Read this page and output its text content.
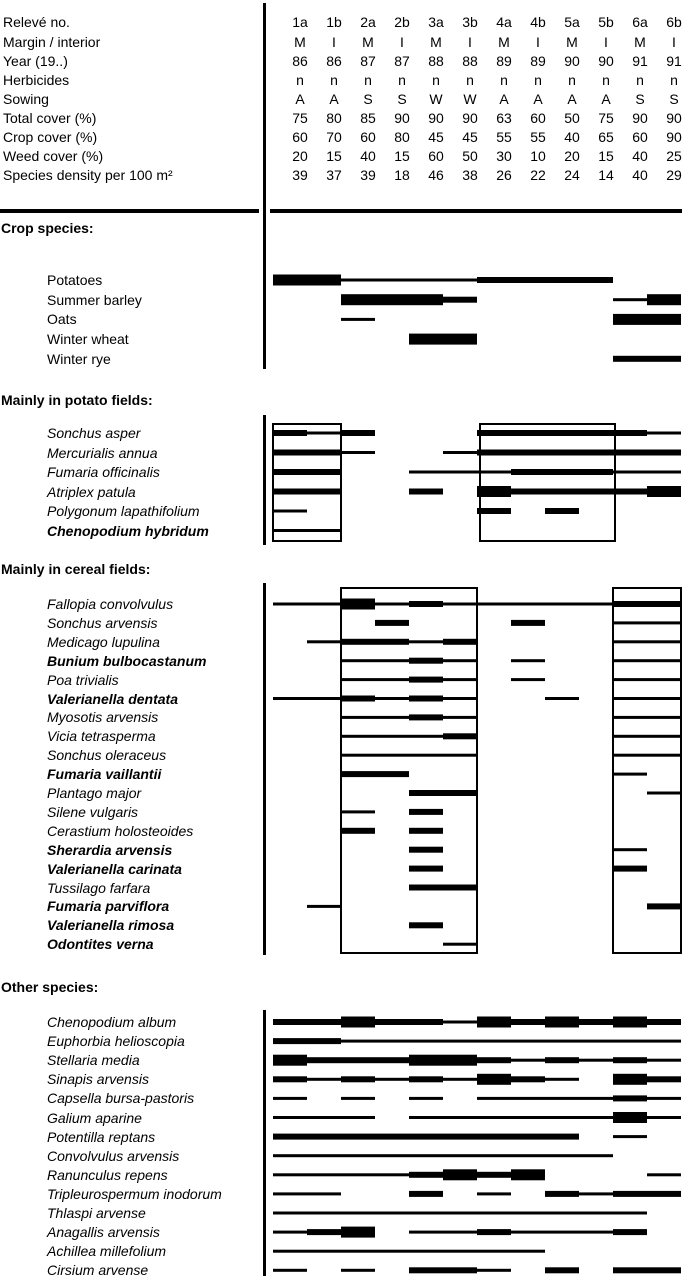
Relevé no.
Margin / interior
Year (19..)
Herbicides
Sowing
Total cover (%)
Crop cover (%)
Weed cover (%)
Species density per 100 m²
1a
M
86
n
A
75
60
20
39
1b
I
86
n
A
80
70
15
37
2a
M
87
n
S
85
60
40
39
2b
I
87
n
S
90
80
15
18
3a
M
88
n
W
90
45
60
46
3b
I
88
n
W
90
45
50
38
4a
M
89
n
A
63
55
30
26
4b
I
89
n
A
60
55
10
22
5a
M
90
n
A
50
40
20
24
5b
I
90
n
A
75
65
15
14
6a
M
91
n
S
90
60
40
40
6b
I
91
n
S
90
90
25
29
Crop species:
Potatoes
Summer barley
Oats
Winter wheat
Winter rye
Mainly in potato fields:
Sonchus asper
Mercurialis annua
Fumaria officinalis
Atriplex patula
Polygonum lapathifolium
Chenopodium hybridum
Mainly in cereal fields:
Fallopia convolvulus
Sonchus arvensis
Medicago lupulina
Bunium bulbocastanum
Poa trivialis
Valerianella dentata
Myosotis arvensis
Vicia tetrasperma
Sonchus oleraceus
Fumaria vaillantii
Plantago major
Silene vulgaris
Cerastium holosteoides
Sherardia arvensis
Valerianella carinata
Tussilago farfara
Fumaria parviflora
Valerianella rimosa
Odontites verna
Other species:
Chenopodium album
Euphorbia helioscopia
Stellaria media
Sinapis arvensis
Capsella bursa-pastoris
Galium aparine
Potentilla reptans
Convolvulus arvensis
Ranunculus repens
Tripleurospermum inodorum
Thlaspi arvense
Anagallis arvensis
Achillea millefolium
Cirsium arvense
